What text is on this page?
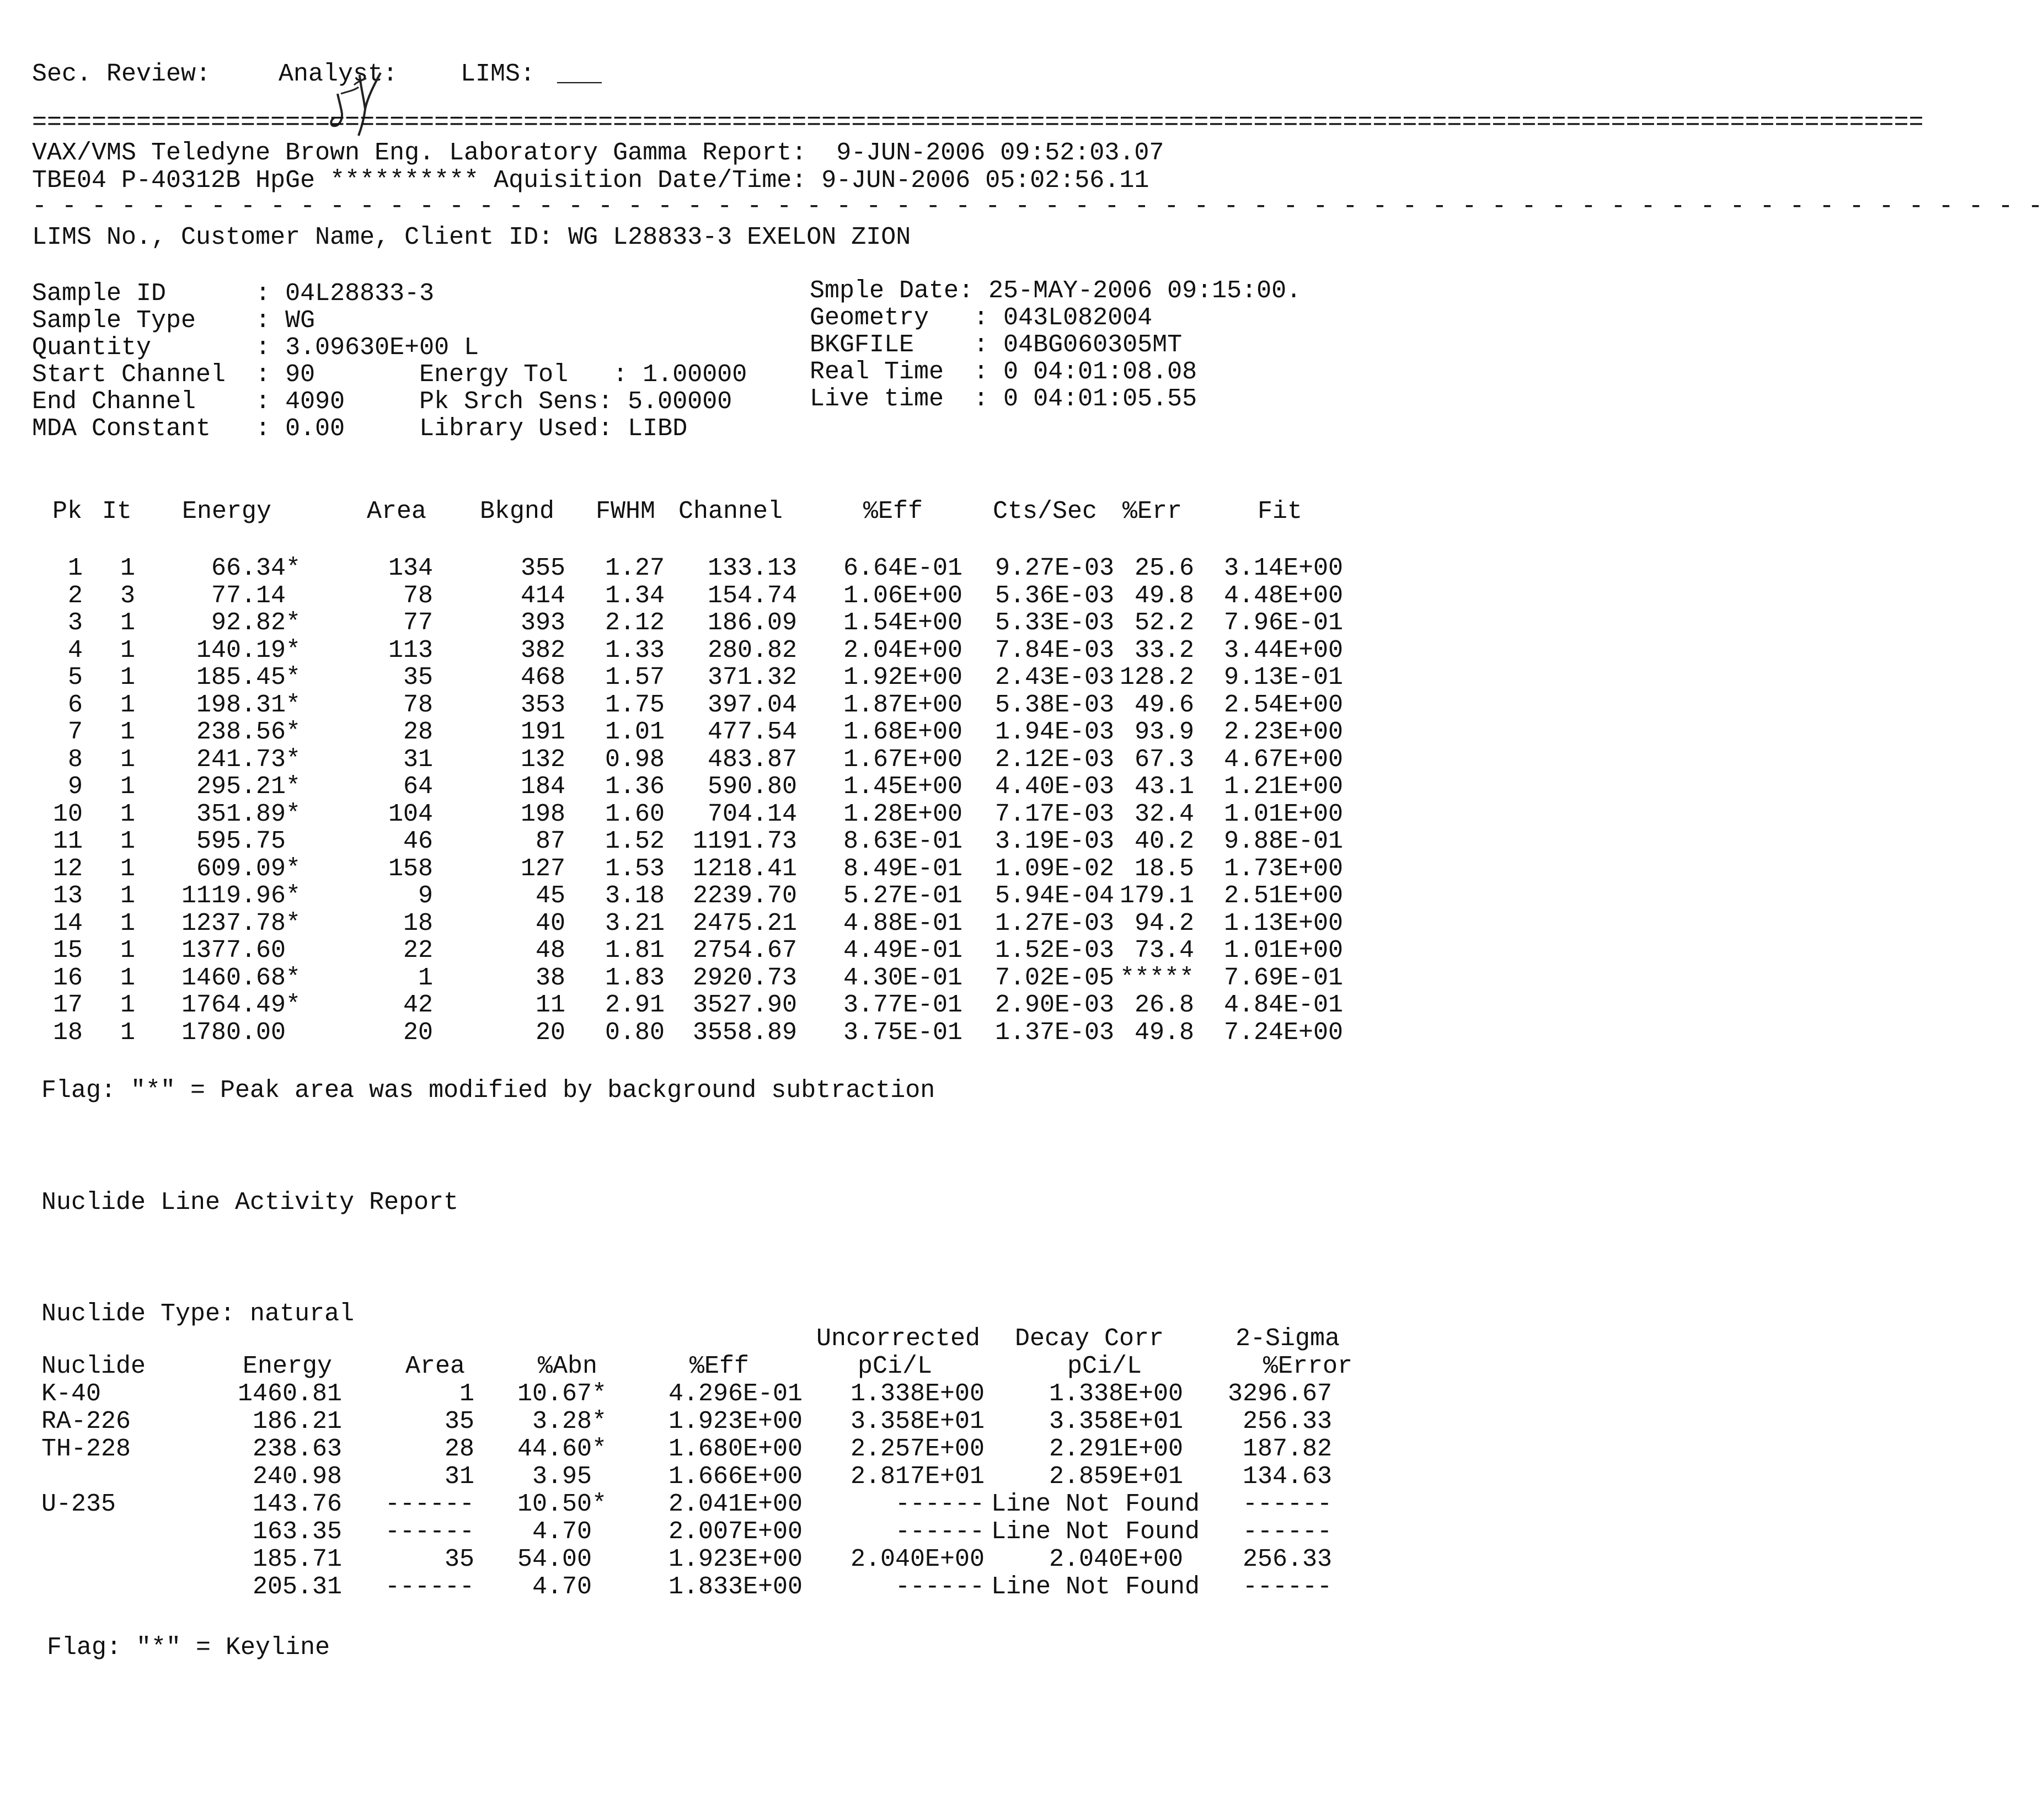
Sec. Review:	Analyst:	LIMS: ___
===============================================================================================================================
VAX/VMS Teledyne Brown Eng. Laboratory Gamma Report:  9-JUN-2006 09:52:03.07
TBE04 P-40312B HpGe ********** Aquisition Date/Time: 9-JUN-2006 05:02:56.11
- - - - - - - - - - - - - - - - - - - - - - - - - - - - - - - - - - - - - - - - - - - - - - - - - - - - - - - - - - - - - - - - - - - -
LIMS No., Customer Name, Client ID: WG L28833-3 EXELON ZION
Sample ID      : 04L28833-3
Sample Type    : WG
Quantity       : 3.09630E+00 L
Start Channel  : 90       Energy Tol   : 1.00000
End Channel    : 4090     Pk Srch Sens: 5.00000
MDA Constant   : 0.00     Library Used: LIBD
Smple Date: 25-MAY-2006 09:15:00.
Geometry   : 043L082004
BKGFILE    : 04BG060305MT
Real Time  : 0 04:01:08.08
Live time  : 0 04:01:05.55
Pk It Energy	Area Bkgnd FWHM Channel	%Eff	Cts/Sec %Err	Fit
1 1	66.34*	134	355 1.27 133.13 6.64E-01 9.27E-03 25.6 3.14E+00
2 3	77.14	78	414 1.34 154.74 1.06E+00 5.36E-03 49.8 4.48E+00
3 1	92.82*	77	393 2.12 186.09 1.54E+00 5.33E-03 52.2 7.96E-01
4 1 140.19*	113	382 1.33 280.82 2.04E+00 7.84E-03 33.2 3.44E+00
5 1 185.45*	35	468 1.57 371.32 1.92E+00 2.43E-03 128.2 9.13E-01
6 1 198.31*	78	353 1.75 397.04 1.87E+00 5.38E-03 49.6 2.54E+00
7 1 238.56*	28	191 1.01 477.54 1.68E+00 1.94E-03 93.9 2.23E+00
8 1 241.73*	31	132 0.98 483.87 1.67E+00 2.12E-03 67.3 4.67E+00
9 1 295.21*	64	184 1.36 590.80 1.45E+00 4.40E-03 43.1 1.21E+00
10 1 351.89*	104	198 1.60 704.14 1.28E+00 7.17E-03 32.4 1.01E+00
11 1 595.75	46	87 1.52 1191.73 8.63E-01 3.19E-03 40.2 9.88E-01
12 1 609.09*	158	127 1.53 1218.41 8.49E-01 1.09E-02 18.5 1.73E+00
13 1 1119.96*	9	45 3.18 2239.70 5.27E-01 5.94E-04 179.1 2.51E+00
14 1 1237.78*	18	40 3.21 2475.21 4.88E-01 1.27E-03 94.2 1.13E+00
15 1 1377.60	22	48 1.81 2754.67 4.49E-01 1.52E-03 73.4 1.01E+00
16 1 1460.68*	1	38 1.83 2920.73 4.30E-01 7.02E-05 ***** 7.69E-01
17 1 1764.49*	42	11 2.91 3527.90 3.77E-01 2.90E-03 26.8 4.84E-01
18 1 1780.00	20	20 0.80 3558.89 3.75E-01 1.37E-03 49.8 7.24E+00
Flag: "*" = Peak area was modified by background subtraction
Nuclide Line Activity Report
Nuclide Type: natural
Uncorrected Decay Corr	2-Sigma
Nuclide	Energy	Area	%Abn	%Eff	pCi/L	pCi/L	%Error
K-40	1460.81	1 10.67* 4.296E-01 1.338E+00	1.338E+00 3296.67
RA-226	186.21	35 3.28* 1.923E+00 3.358E+01	3.358E+01 256.33
TH-228	238.63	28 44.60* 1.680E+00 2.257E+00	2.291E+00 187.82
240.98	31 3.95	1.666E+00 2.817E+01	2.859E+01 134.63
U-235	143.76 ------ 10.50* 2.041E+00	------ Line Not Found ------
163.35 ------ 4.70	2.007E+00	------ Line Not Found ------
185.71	35 54.00	1.923E+00 2.040E+00	2.040E+00 256.33
205.31 ------ 4.70	1.833E+00	------ Line Not Found ------
Flag: "*" = Keyline
